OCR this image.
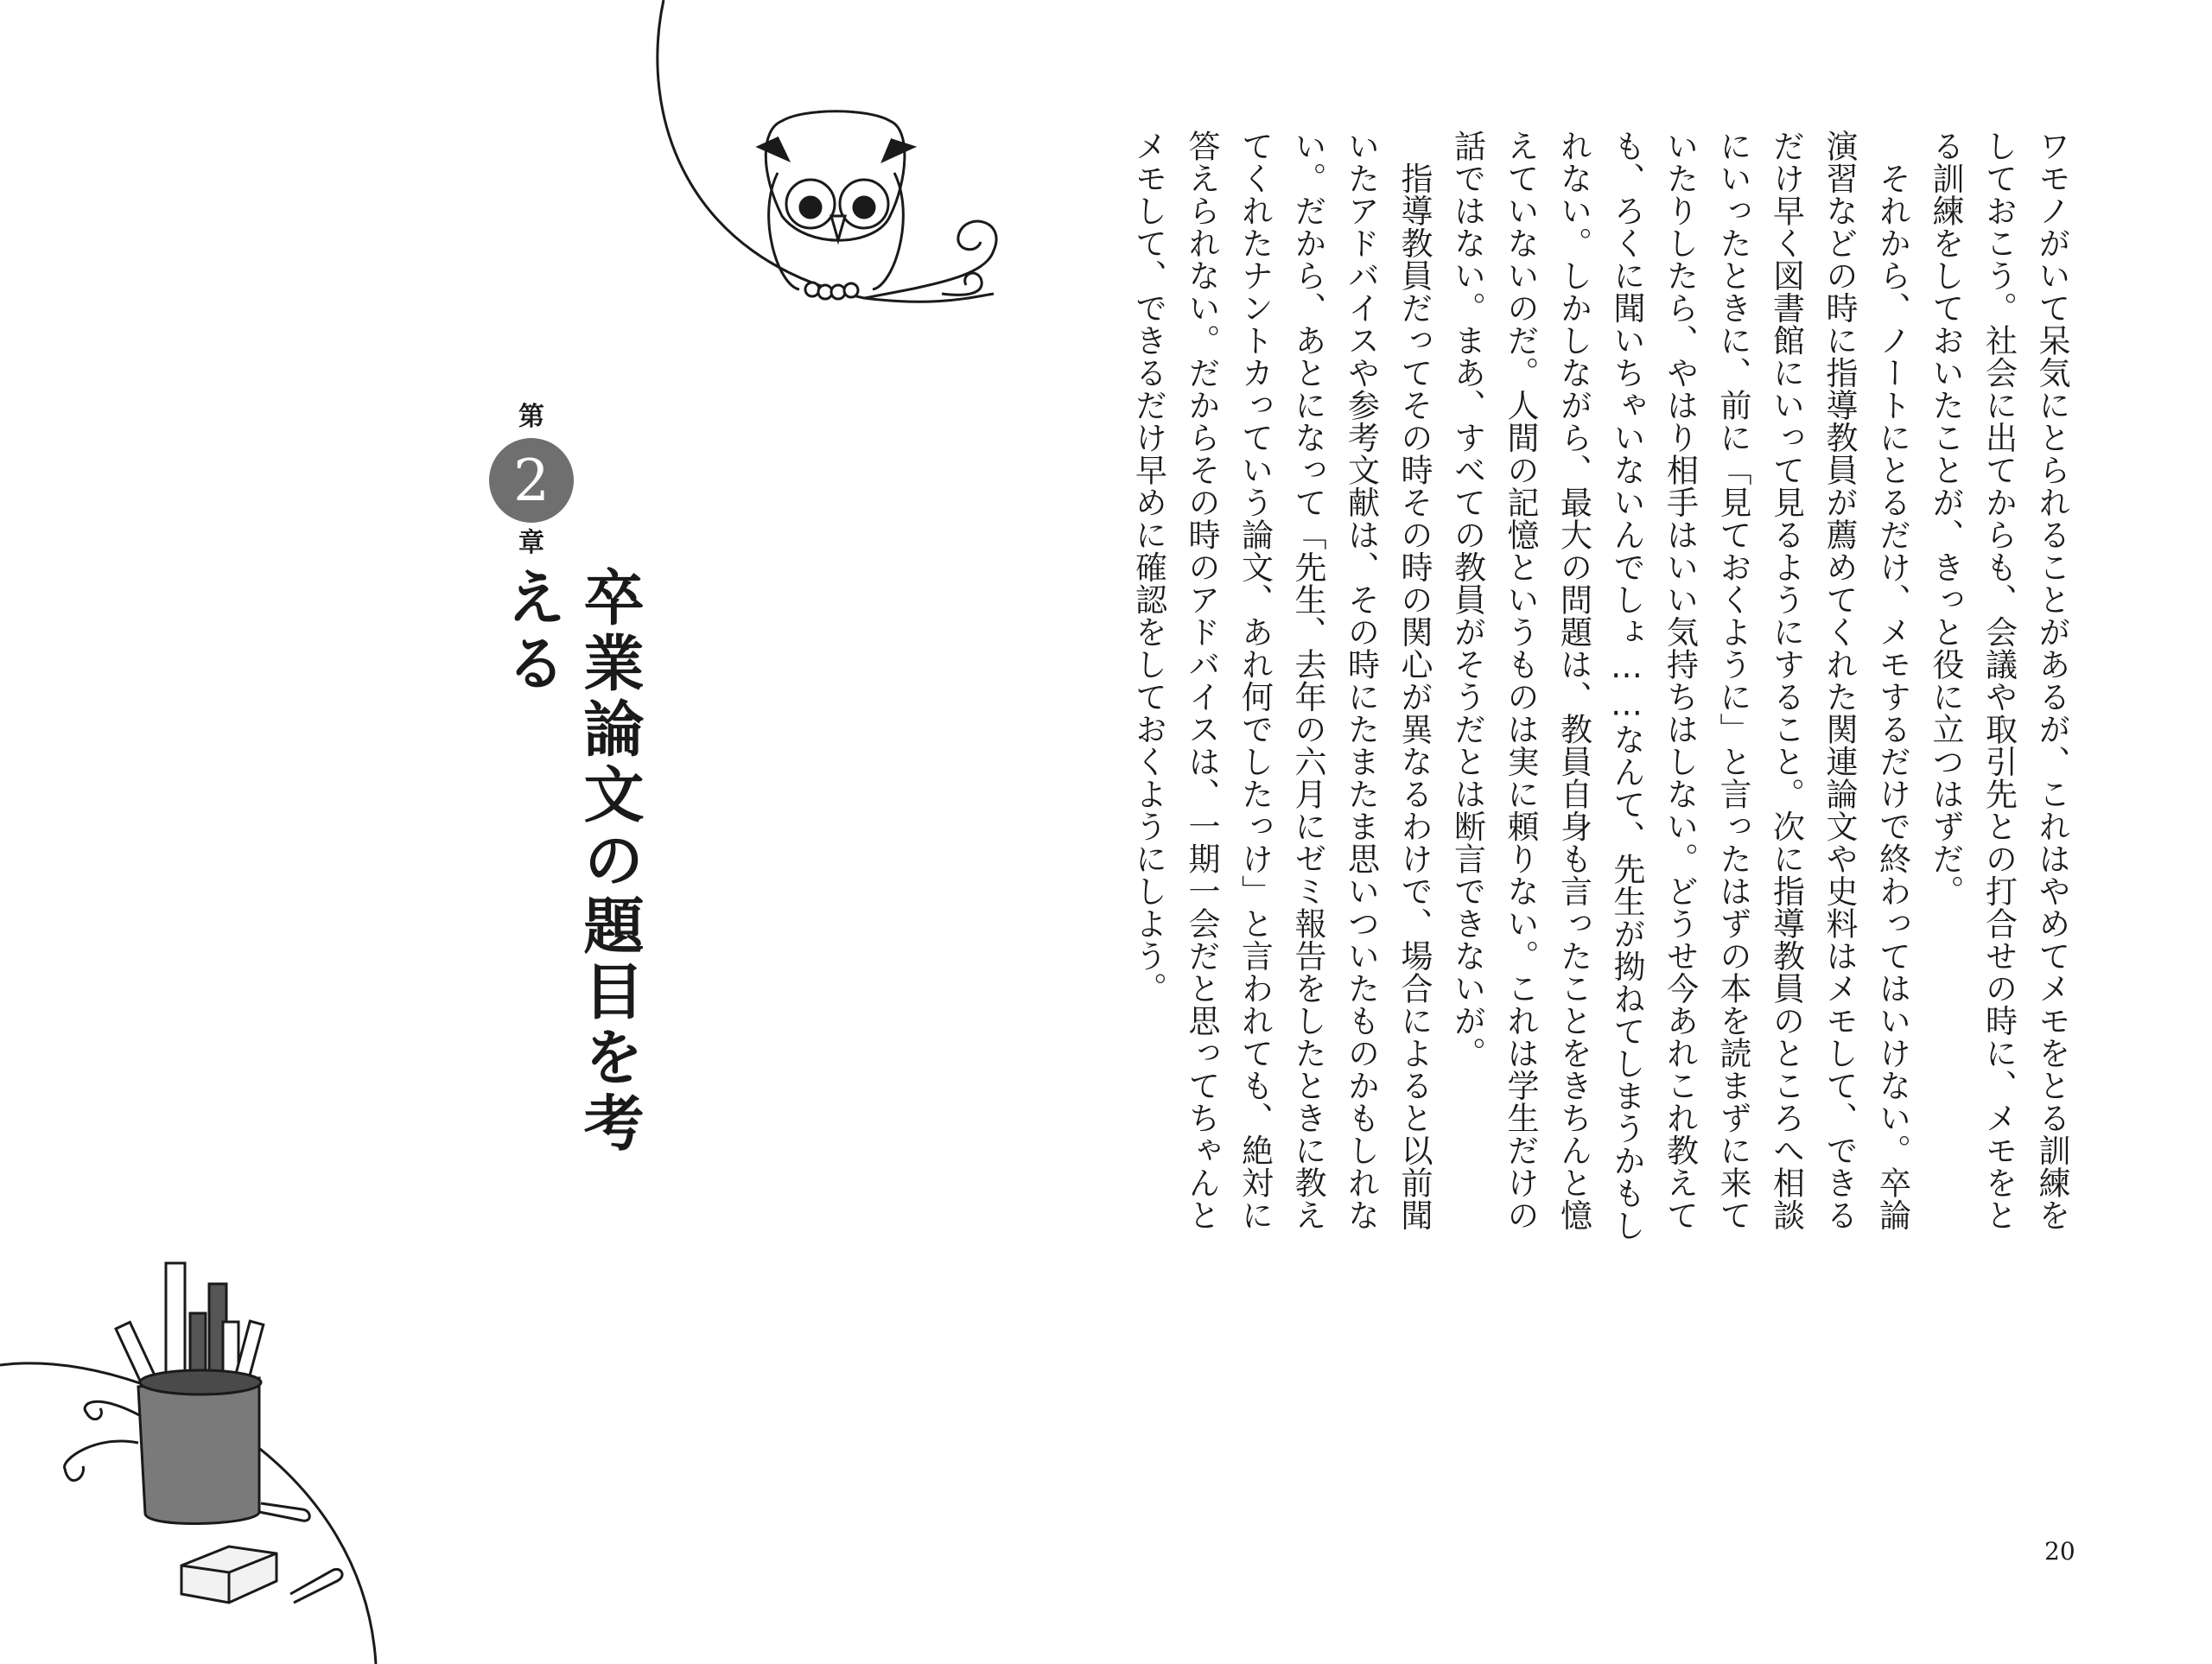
第
2
章
卒業論文の題目を考える	ワモノがいて呆気にとられることがあるが、これはやめてメモをとる訓練をしておこう。社会に出てからも、会議や取引先との打合せの時に、メモをとる訓練をしておいたことが、きっと役に立つはずだ。

　それから、ノートにとるだけ、メモするだけで終わってはいけない。卒論演習などの時に指導教員が薦めてくれた関連論文や史料はメモして、できるだけ早く図書館にいって見るようにすること。次に指導教員のところへ相談にいったときに、前に「見ておくように」と言ったはずの本を読まずに来ていたりしたら、やはり相手はいい気持ちはしない。どうせ今あれこれ教えても、ろくに聞いちゃいないんでしょ……なんて、先生が拗ねてしまうかもしれない。しかしながら、最大の問題は、教員自身も言ったことをきちんと憶えていないのだ。人間の記憶というものは実に頼りない。これは学生だけの話ではない。まあ、すべての教員がそうだとは断言できないが。

　指導教員だってその時その時の関心が異なるわけで、場合によると以前聞いたアドバイスや参考文献は、その時にたまたま思いついたものかもしれない。だから、あとになって「先生、去年の六月にゼミ報告をしたときに教えてくれたナントカっていう論文、あれ何でしたっけ」と言われても、絶対に答えられない。だからその時のアドバイスは、一期一会だと思ってちゃんとメモして、できるだけ早めに確認をしておくようにしよう。

20
